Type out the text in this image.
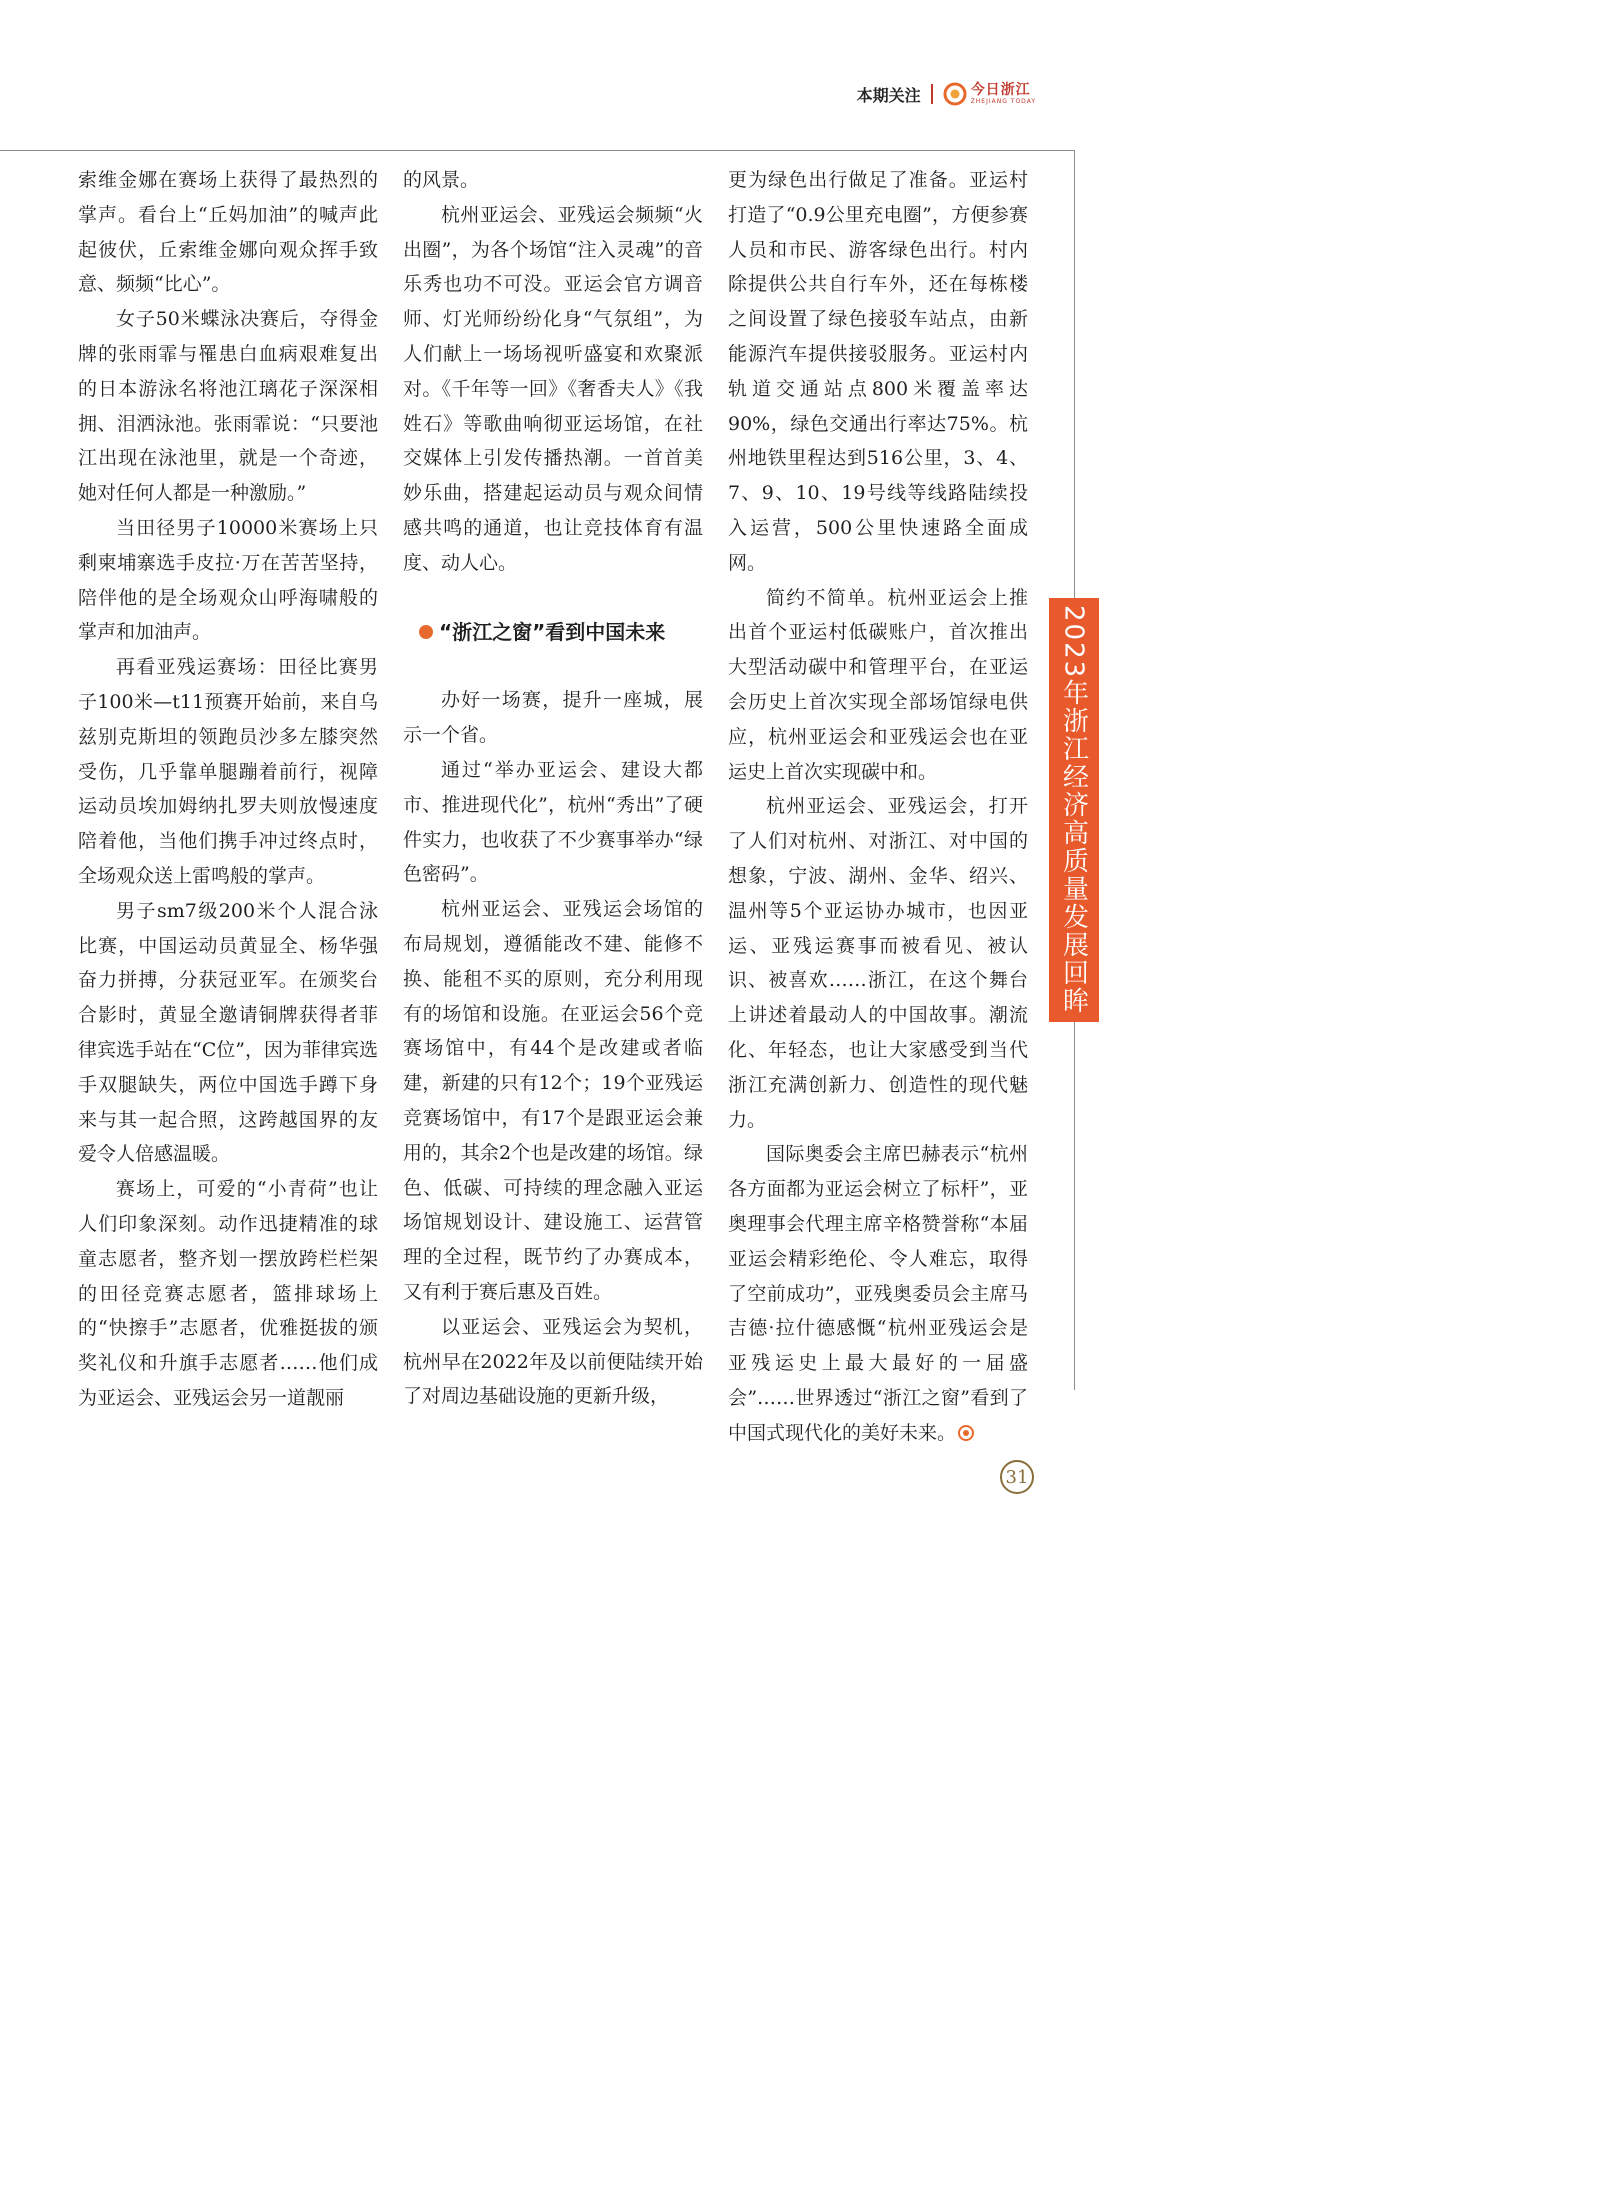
本期关注	今日浙江
ZHEJIANG TODAY

索维金娜在赛场上获得了最热烈的掌声。看台上“丘妈加油”的喊声此起彼伏，丘索维金娜向观众挥手致意、频频“比心”。

女子50米蝶泳决赛后，夺得金牌的张雨霏与罹患白血病艰难复出的日本游泳名将池江璃花子深深相拥、泪洒泳池。张雨霏说：“只要池江出现在泳池里，就是一个奇迹，她对任何人都是一种激励。”

当田径男子10000米赛场上只剩柬埔寨选手皮拉·万在苦苦坚持，陪伴他的是全场观众山呼海啸般的掌声和加油声。

再看亚残运赛场：田径比赛男子100米—t11预赛开始前，来自乌兹别克斯坦的领跑员沙多左膝突然受伤，几乎靠单腿蹦着前行，视障运动员埃加姆纳扎罗夫则放慢速度陪着他，当他们携手冲过终点时，全场观众送上雷鸣般的掌声。

男子sm7级200米个人混合泳比赛，中国运动员黄显全、杨华强奋力拼搏，分获冠亚军。在颁奖台合影时，黄显全邀请铜牌获得者菲律宾选手站在“C位”，因为菲律宾选手双腿缺失，两位中国选手蹲下身来与其一起合照，这跨越国界的友爱令人倍感温暖。

赛场上，可爱的“小青荷”也让人们印象深刻。动作迅捷精准的球童志愿者，整齐划一摆放跨栏栏架的田径竞赛志愿者，篮排球场上的“快擦手”志愿者，优雅挺拔的颁奖礼仪和升旗手志愿者……他们成为亚运会、亚残运会另一道靓丽

的风景。

杭州亚运会、亚残运会频频“火出圈”，为各个场馆“注入灵魂”的音乐秀也功不可没。亚运会官方调音师、灯光师纷纷化身“气氛组”，为人们献上一场场视听盛宴和欢聚派对。《千年等一回》《奢香夫人》《我姓石》等歌曲响彻亚运场馆，在社交媒体上引发传播热潮。一首首美妙乐曲，搭建起运动员与观众间情感共鸣的通道，也让竞技体育有温度、动人心。

“浙江之窗”看到中国未来

办好一场赛，提升一座城，展示一个省。

通过“举办亚运会、建设大都市、推进现代化”，杭州“秀出”了硬件实力，也收获了不少赛事举办“绿色密码”。

杭州亚运会、亚残运会场馆的布局规划，遵循能改不建、能修不换、能租不买的原则，充分利用现有的场馆和设施。在亚运会56个竞赛场馆中，有44个是改建或者临建，新建的只有12个；19个亚残运竞赛场馆中，有17个是跟亚运会兼用的，其余2个也是改建的场馆。绿色、低碳、可持续的理念融入亚运场馆规划设计、建设施工、运营管理的全过程，既节约了办赛成本，又有利于赛后惠及百姓。

以亚运会、亚残运会为契机，杭州早在2022年及以前便陆续开始了对周边基础设施的更新升级，

更为绿色出行做足了准备。亚运村打造了“0.9公里充电圈”，方便参赛人员和市民、游客绿色出行。村内除提供公共自行车外，还在每栋楼之间设置了绿色接驳车站点，由新能源汽车提供接驳服务。亚运村内轨道交通站点800米覆盖率达90%，绿色交通出行率达75%。杭州地铁里程达到516公里，3、4、7、9、10、19号线等线路陆续投入运营，500公里快速路全面成网。

简约不简单。杭州亚运会上推出首个亚运村低碳账户，首次推出大型活动碳中和管理平台，在亚运会历史上首次实现全部场馆绿电供应，杭州亚运会和亚残运会也在亚运史上首次实现碳中和。

杭州亚运会、亚残运会，打开了人们对杭州、对浙江、对中国的想象，宁波、湖州、金华、绍兴、温州等5个亚运协办城市，也因亚运、亚残运赛事而被看见、被认识、被喜欢……浙江，在这个舞台上讲述着最动人的中国故事。潮流化、年轻态，也让大家感受到当代浙江充满创新力、创造性的现代魅力。

国际奥委会主席巴赫表示“杭州各方面都为亚运会树立了标杆”，亚奥理事会代理主席辛格赞誉称“本届亚运会精彩绝伦、令人难忘，取得了空前成功”，亚残奥委员会主席马吉德·拉什德感慨“杭州亚残运会是亚残运史上最大最好的一届盛会”……世界透过“浙江之窗”看到了中国式现代化的美好未来。

2023年浙江经济高质量发展回眸
31
